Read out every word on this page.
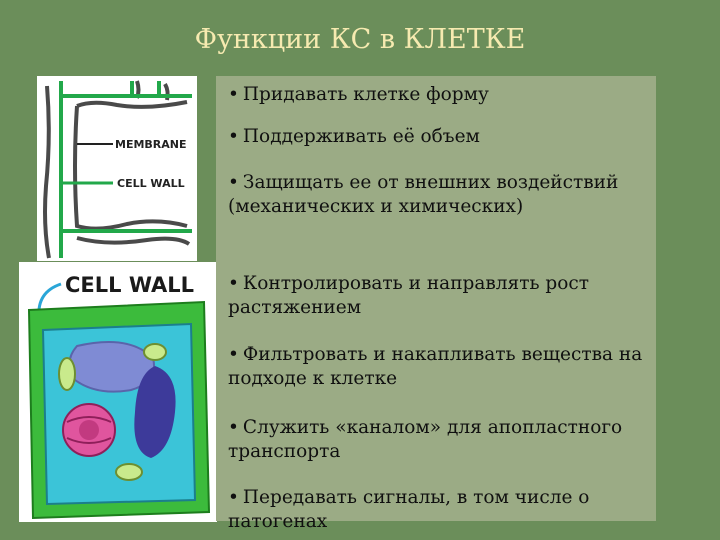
Функции КС в КЛЕТКЕ
MEMBRANE
CELL WALL
CELL WALL
• Придавать клетке форму
• Поддерживать её объем
• Защищать ее от внешних воздействий (механических и химических)
• Контролировать и направлять рост растяжением
• Фильтровать и накапливать вещества на подходе к клетке
• Служить «каналом» для апопластного транспорта
• Передавать сигналы, в том числе о патогенах
